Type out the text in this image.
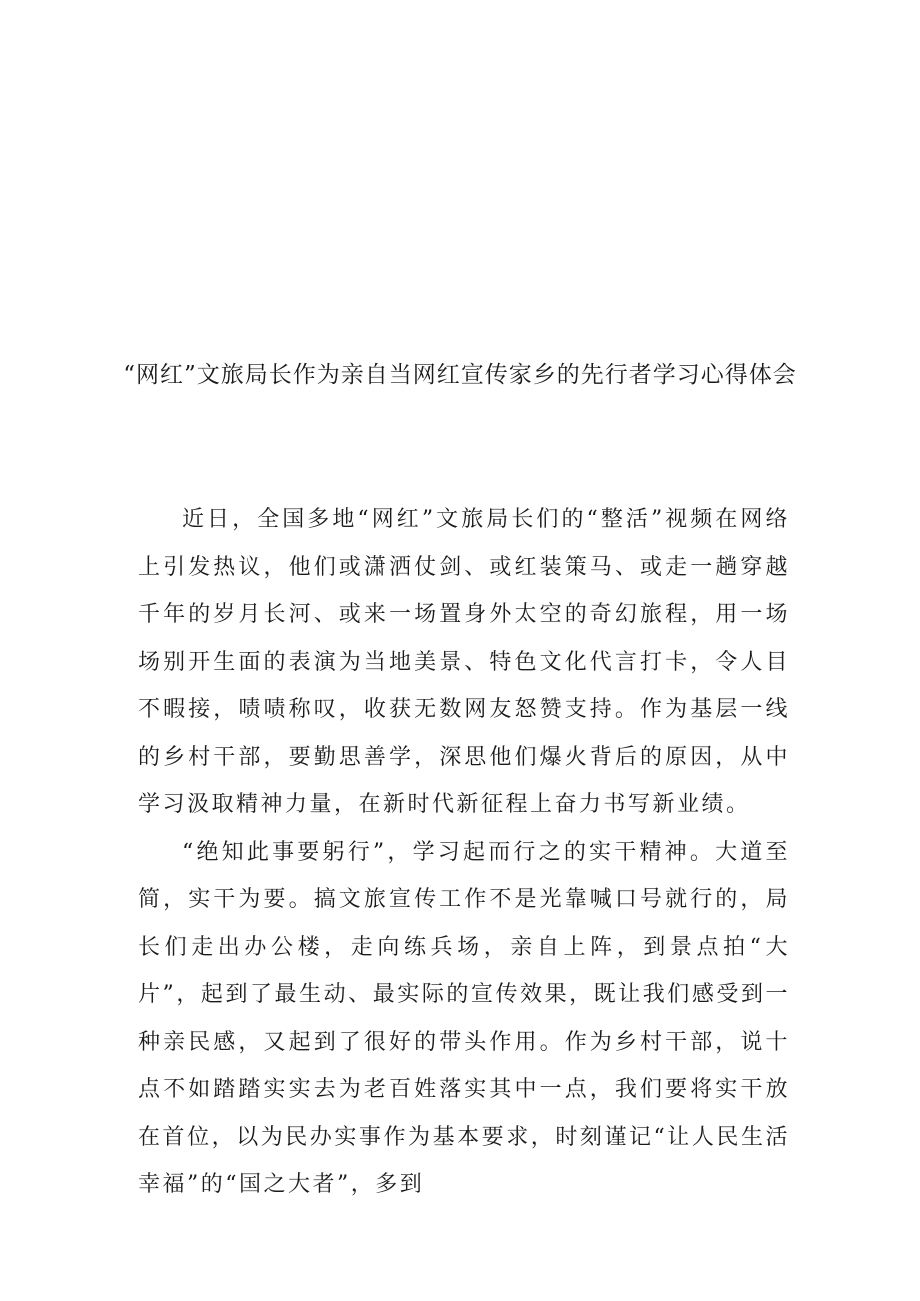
“网红”文旅局长作为亲自当网红宣传家乡的先行者学习心得体会

近日，全国多地“网红”文旅局长们的“整活”视频在网络上引发热议，他们或潇洒仗剑、或红装策马、或走一趟穿越千年的岁月长河、或来一场置身外太空的奇幻旅程，用一场场别开生面的表演为当地美景、特色文化代言打卡，令人目不暇接，啧啧称叹，收获无数网友怒赞支持。作为基层一线的乡村干部，要勤思善学，深思他们爆火背后的原因，从中学习汲取精神力量，在新时代新征程上奋力书写新业绩。

“绝知此事要躬行”，学习起而行之的实干精神。大道至简，实干为要。搞文旅宣传工作不是光靠喊口号就行的，局长们走出办公楼，走向练兵场，亲自上阵，到景点拍“大片”，起到了最生动、最实际的宣传效果，既让我们感受到一种亲民感，又起到了很好的带头作用。作为乡村干部，说十点不如踏踏实实去为老百姓落实其中一点，我们要将实干放在首位，以为民办实事作为基本要求，时刻谨记“让人民生活幸福”的“国之大者”，多到
